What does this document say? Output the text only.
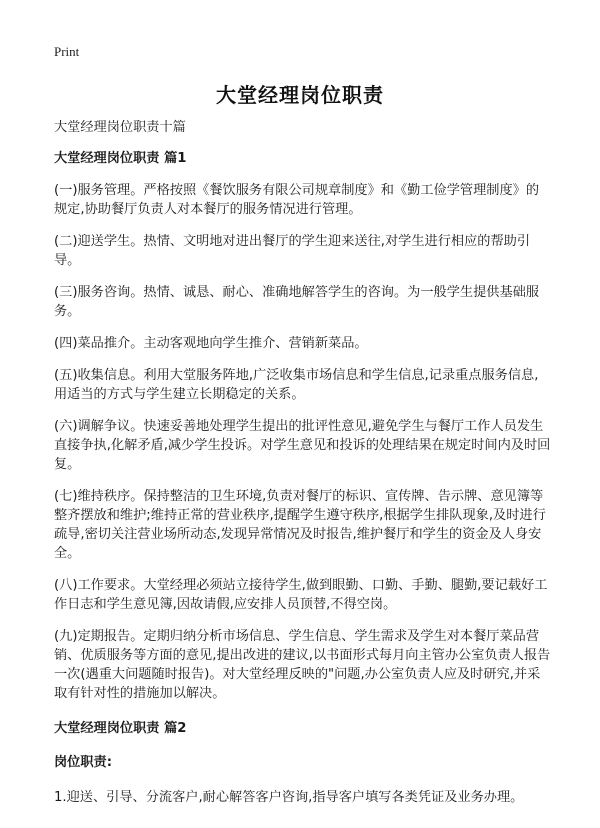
Print
大堂经理岗位职责

大堂经理岗位职责十篇

大堂经理岗位职责 篇1

(一)服务管理。严格按照《餐饮服务有限公司规章制度》和《勤工俭学管理制度》的规定,协助餐厅负责人对本餐厅的服务情况进行管理。

(二)迎送学生。热情、文明地对进出餐厅的学生迎来送往,对学生进行相应的帮助引导。

(三)服务咨询。热情、诚恳、耐心、准确地解答学生的咨询。为一般学生提供基础服务。

(四)菜品推介。主动客观地向学生推介、营销新菜品。

(五)收集信息。利用大堂服务阵地,广泛收集市场信息和学生信息,记录重点服务信息,用适当的方式与学生建立长期稳定的关系。

(六)调解争议。快速妥善地处理学生提出的批评性意见,避免学生与餐厅工作人员发生直接争执,化解矛盾,减少学生投诉。对学生意见和投诉的处理结果在规定时间内及时回复。

(七)维持秩序。保持整洁的卫生环境,负责对餐厅的标识、宣传牌、告示牌、意见簿等整齐摆放和维护;维持正常的营业秩序,提醒学生遵守秩序,根据学生排队现象,及时进行疏导,密切关注营业场所动态,发现异常情况及时报告,维护餐厅和学生的资金及人身安全。

(八)工作要求。大堂经理必须站立接待学生,做到眼勤、口勤、手勤、腿勤,要记载好工作日志和学生意见簿,因故请假,应安排人员顶替,不得空岗。

(九)定期报告。定期归纳分析市场信息、学生信息、学生需求及学生对本餐厅菜品营销、优质服务等方面的意见,提出改进的建议,以书面形式每月向主管办公室负责人报告一次(遇重大问题随时报告)。对大堂经理反映的"问题,办公室负责人应及时研究,并采取有针对性的措施加以解决。

大堂经理岗位职责 篇2

岗位职责:

1.迎送、引导、分流客户,耐心解答客户咨询,指导客户填写各类凭证及业务办理。
